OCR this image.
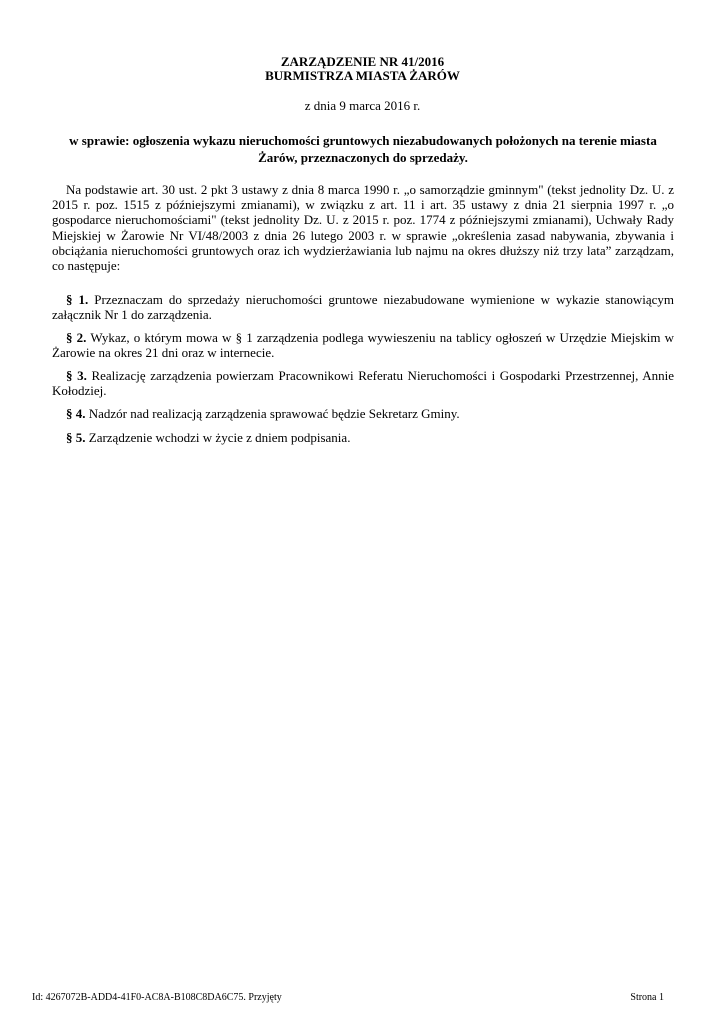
ZARZĄDZENIE NR 41/2016
BURMISTRZA MIASTA ŻARÓW
z dnia 9 marca 2016 r.
w sprawie: ogłoszenia wykazu nieruchomości gruntowych niezabudowanych położonych na terenie miasta Żarów, przeznaczonych do sprzedaży.
Na podstawie art. 30 ust. 2 pkt 3 ustawy z dnia 8 marca 1990 r. „o samorządzie gminnym" (tekst jednolity Dz. U. z 2015 r. poz. 1515 z późniejszymi zmianami), w związku z art. 11 i art. 35 ustawy z dnia 21 sierpnia 1997 r. „o gospodarce nieruchomościami" (tekst jednolity Dz. U. z 2015 r. poz. 1774 z późniejszymi zmianami), Uchwały Rady Miejskiej w Żarowie Nr VI/48/2003 z dnia 26 lutego 2003 r. w sprawie „określenia zasad nabywania, zbywania i obciążania nieruchomości gruntowych oraz ich wydzierżawiania lub najmu na okres dłuższy niż trzy lata” zarządzam, co następuje:
§ 1. Przeznaczam do sprzedaży nieruchomości gruntowe niezabudowane wymienione w wykazie stanowiącym załącznik Nr 1 do zarządzenia.
§ 2. Wykaz, o którym mowa w § 1 zarządzenia podlega wywieszeniu na tablicy ogłoszeń w Urzędzie Miejskim w Żarowie na okres 21 dni oraz w internecie.
§ 3. Realizację zarządzenia powierzam Pracownikowi Referatu Nieruchomości i Gospodarki Przestrzennej, Annie Kołodziej.
§ 4. Nadzór nad realizacją zarządzenia sprawować będzie Sekretarz Gminy.
§ 5. Zarządzenie wchodzi w życie z dniem podpisania.
Id: 4267072B-ADD4-41F0-AC8A-B108C8DA6C75. Przyjęty	Strona 1
